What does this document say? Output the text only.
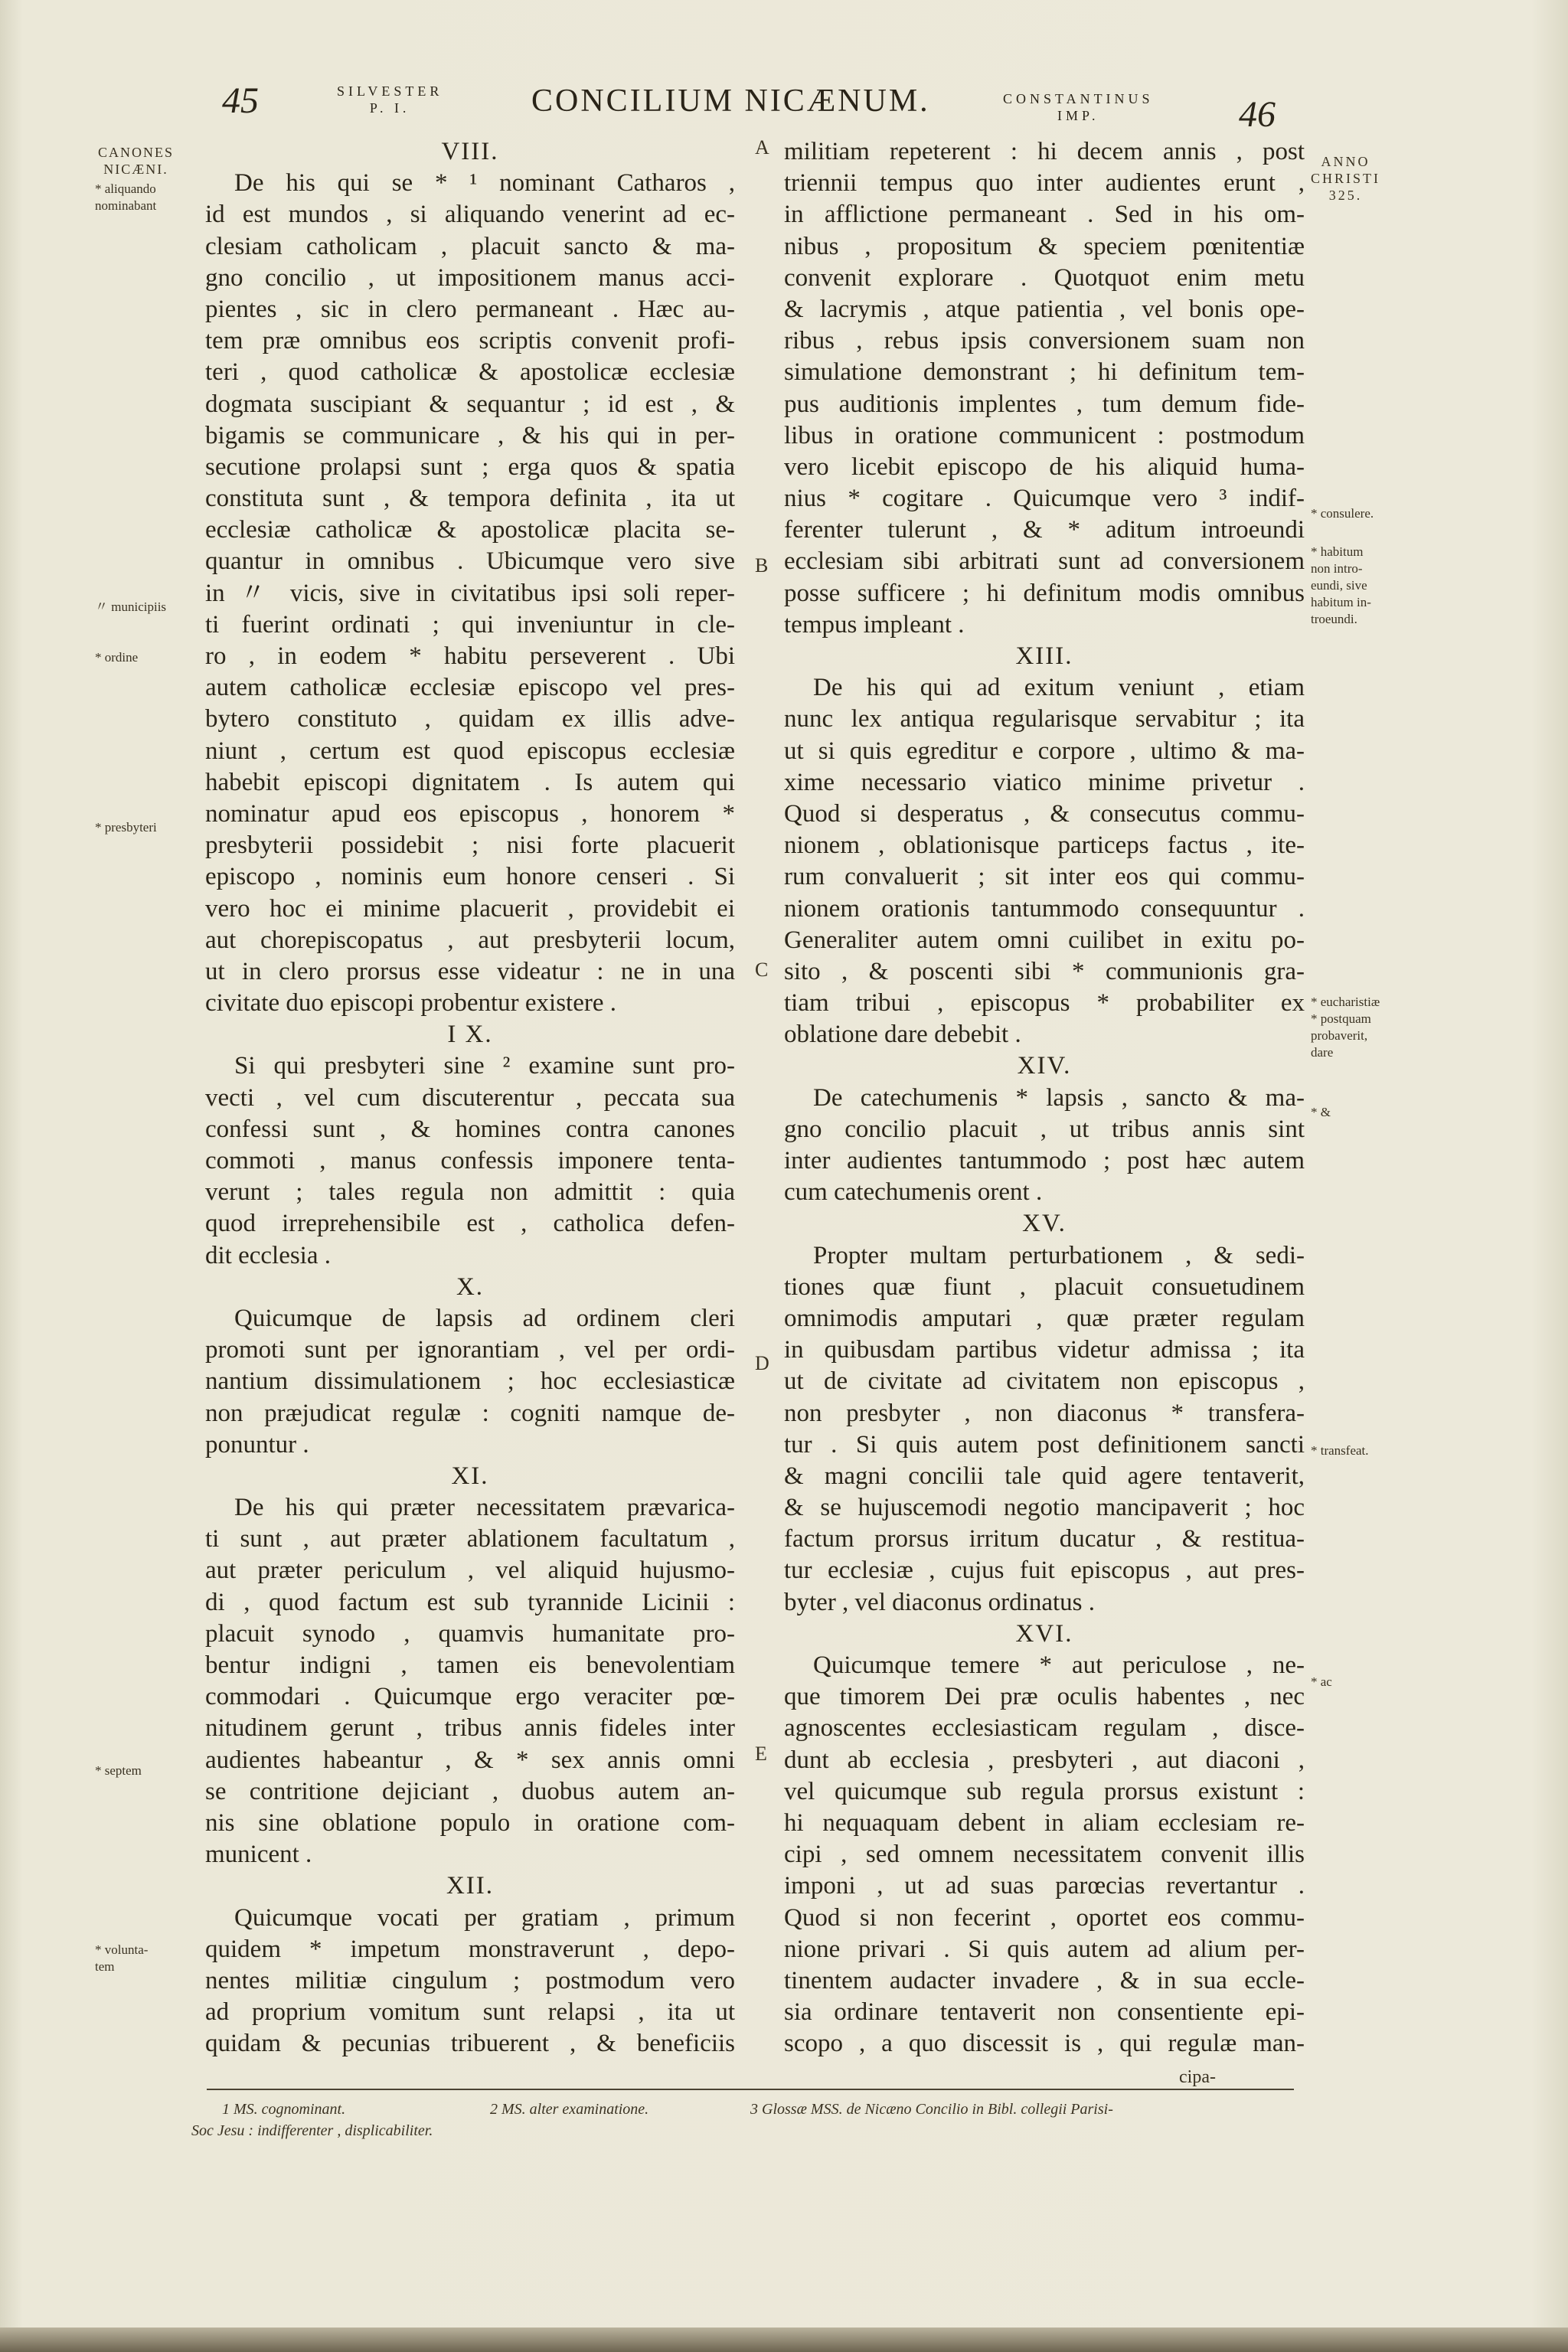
45	SILVESTER
P. I.	CONCILIUM NICÆNUM.	CONSTANTINUS
IMP.	46
CANONES
NICÆNI.	ANNO
CHRISTI
325.
* aliquando
nominabant
〃 municipiis
* ordine
* presbyteri
* septem
* volunta-
tem
* consulere.
* habitum
non intro-
eundi, sive
habitum in-
troeundi.
* eucharistiæ
* postquam
probaverit,
dare
* &
* transfeat.
* ac
A
B
C
D
E
VIII.
De his qui se * ¹ nominant Catharos ,
id est mundos , si aliquando venerint ad ec-
clesiam catholicam , placuit sancto & ma-
gno concilio , ut impositionem manus acci-
pientes , sic in clero permaneant . Hæc au-
tem præ omnibus eos scriptis convenit profi-
teri , quod catholicæ & apostolicæ ecclesiæ
dogmata suscipiant & sequantur ; id est , &
bigamis se communicare , & his qui in per-
secutione prolapsi sunt ; erga quos & spatia
constituta sunt , & tempora definita , ita ut
ecclesiæ catholicæ & apostolicæ placita se-
quantur in omnibus . Ubicumque vero sive
in 〃 vicis, sive in civitatibus ipsi soli reper-
ti fuerint ordinati ; qui inveniuntur in cle-
ro , in eodem * habitu perseverent . Ubi
autem catholicæ ecclesiæ episcopo vel pres-
bytero constituto , quidam ex illis adve-
niunt , certum est quod episcopus ecclesiæ
habebit episcopi dignitatem . Is autem qui
nominatur apud eos episcopus , honorem *
presbyterii possidebit ; nisi forte placuerit
episcopo , nominis eum honore censeri . Si
vero hoc ei minime placuerit , providebit ei
aut chorepiscopatus , aut presbyterii locum,
ut in clero prorsus esse videatur : ne in una
civitate duo episcopi probentur existere .
I X.
Si qui presbyteri sine ² examine sunt pro-
vecti , vel cum discuterentur , peccata sua
confessi sunt , & homines contra canones
commoti , manus confessis imponere tenta-
verunt ; tales regula non admittit : quia
quod irreprehensibile est , catholica defen-
dit ecclesia .
X.
Quicumque de lapsis ad ordinem cleri
promoti sunt per ignorantiam , vel per ordi-
nantium dissimulationem ; hoc ecclesiasticæ
non præjudicat regulæ : cogniti namque de-
ponuntur .
XI.
De his qui præter necessitatem prævarica-
ti sunt , aut præter ablationem facultatum ,
aut præter periculum , vel aliquid hujusmo-
di , quod factum est sub tyrannide Licinii :
placuit synodo , quamvis humanitate pro-
bentur indigni , tamen eis benevolentiam
commodari . Quicumque ergo veraciter pœ-
nitudinem gerunt , tribus annis fideles inter
audientes habeantur , & * sex annis omni
se contritione dejiciant , duobus autem an-
nis sine oblatione populo in oratione com-
municent .
XII.
Quicumque vocati per gratiam , primum
quidem * impetum monstraverunt , depo-
nentes militiæ cingulum ; postmodum vero
ad proprium vomitum sunt relapsi , ita ut
quidam & pecunias tribuerent , & beneficiis
militiam repeterent : hi decem annis , post
triennii tempus quo inter audientes erunt ,
in afflictione permaneant . Sed in his om-
nibus , propositum & speciem pœnitentiæ
convenit explorare . Quotquot enim metu
& lacrymis , atque patientia , vel bonis ope-
ribus , rebus ipsis conversionem suam non
simulatione demonstrant ; hi definitum tem-
pus auditionis implentes , tum demum fide-
libus in oratione communicent : postmodum
vero licebit episcopo de his aliquid huma-
nius * cogitare . Quicumque vero ³ indif-
ferenter tulerunt , & * aditum introeundi
ecclesiam sibi arbitrati sunt ad conversionem
posse sufficere ; hi definitum modis omnibus
tempus impleant .
XIII.
De his qui ad exitum veniunt , etiam
nunc lex antiqua regularisque servabitur ; ita
ut si quis egreditur e corpore , ultimo & ma-
xime necessario viatico minime privetur .
Quod si desperatus , & consecutus commu-
nionem , oblationisque particeps factus , ite-
rum convaluerit ; sit inter eos qui commu-
nionem orationis tantummodo consequuntur .
Generaliter autem omni cuilibet in exitu po-
sito , & poscenti sibi * communionis gra-
tiam tribui , episcopus * probabiliter ex
oblatione dare debebit .
XIV.
De catechumenis * lapsis , sancto & ma-
gno concilio placuit , ut tribus annis sint
inter audientes tantummodo ; post hæc autem
cum catechumenis orent .
XV.
Propter multam perturbationem , & sedi-
tiones quæ fiunt , placuit consuetudinem
omnimodis amputari , quæ præter regulam
in quibusdam partibus videtur admissa ; ita
ut de civitate ad civitatem non episcopus ,
non presbyter , non diaconus * transfera-
tur . Si quis autem post definitionem sancti
& magni concilii tale quid agere tentaverit,
& se hujuscemodi negotio mancipaverit ; hoc
factum prorsus irritum ducatur , & restitua-
tur ecclesiæ , cujus fuit episcopus , aut pres-
byter , vel diaconus ordinatus .
XVI.
Quicumque temere * aut periculose , ne-
que timorem Dei præ oculis habentes , nec
agnoscentes ecclesiasticam regulam , disce-
dunt ab ecclesia , presbyteri , aut diaconi ,
vel quicumque sub regula prorsus existunt :
hi nequaquam debent in aliam ecclesiam re-
cipi , sed omnem necessitatem convenit illis
imponi , ut ad suas parœcias revertantur .
Quod si non fecerint , oportet eos commu-
nione privari . Si quis autem ad alium per-
tinentem audacter invadere , & in sua eccle-
sia ordinare tentaverit non consentiente epi-
scopo , a quo discessit is , qui regulæ man-
cipa-
1 MS. cognominant.	2 MS. alter examinatione.	3 Glossæ MSS. de Nicæno Concilio in Bibl. collegii Parisi-
Soc Jesu : indifferenter , displicabiliter.
